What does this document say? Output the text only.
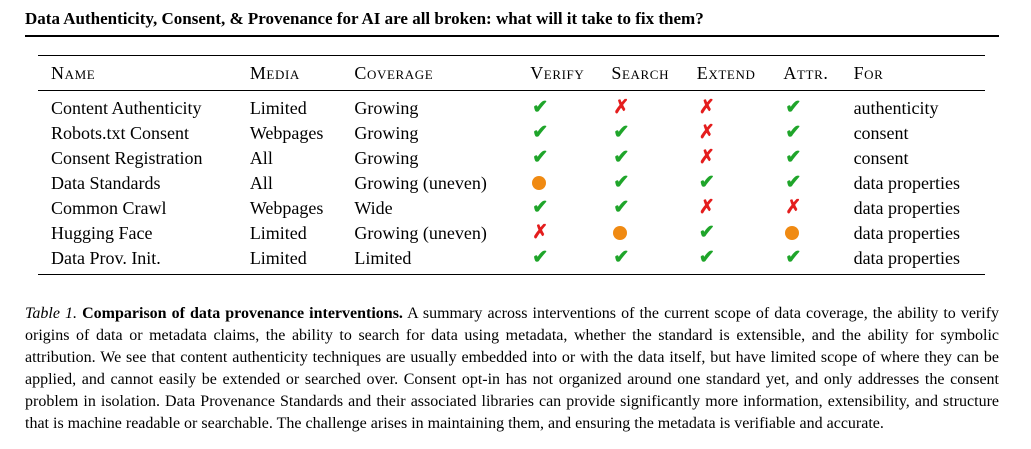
Data Authenticity, Consent, & Provenance for AI are all broken: what will it take to fix them?
Name	Media	Coverage	Verify	Search	Extend	Attr.	For
Content Authenticity	Limited	Growing	✔	✗	✗	✔	authenticity
Robots.txt Consent	Webpages	Growing	✔	✔	✗	✔	consent
Consent Registration	All	Growing	✔	✔	✗	✔	consent
Data Standards	All	Growing (uneven)		✔	✔	✔	data properties
Common Crawl	Webpages	Wide	✔	✔	✗	✗	data properties
Hugging Face	Limited	Growing (uneven)	✗		✔		data properties
Data Prov. Init.	Limited	Limited	✔	✔	✔	✔	data properties

Table 1. Comparison of data provenance interventions. A summary across interventions of the current scope of data coverage, the ability to verify origins of data or metadata claims, the ability to search for data using metadata, whether the standard is extensible, and the ability for symbolic attribution. We see that content authenticity techniques are usually embedded into or with the data itself, but have limited scope of where they can be applied, and cannot easily be extended or searched over. Consent opt-in has not organized around one standard yet, and only addresses the consent problem in isolation. Data Provenance Standards and their associated libraries can provide significantly more information, extensibility, and structure that is machine readable or searchable. The challenge arises in maintaining them, and ensuring the metadata is verifiable and accurate.
